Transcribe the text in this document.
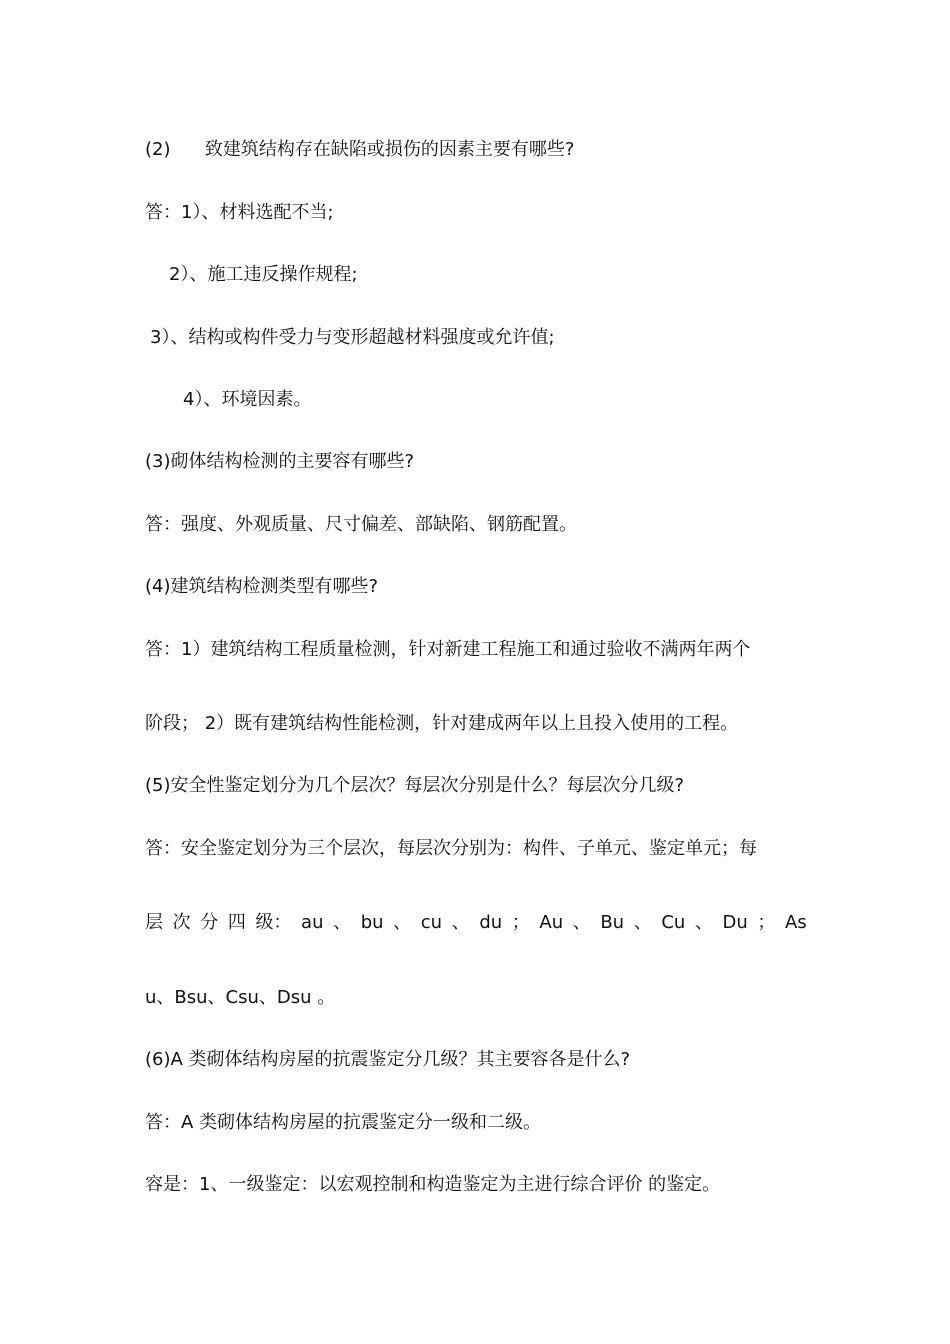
(2)      致建筑结构存在缺陷或损伤的因素主要有哪些?

答：1）、材料选配不当;

2）、施工违反操作规程;

3）、结构或构件受力与变形超越材料强度或允许值;

4）、环境因素。

(3)砌体结构检测的主要容有哪些?

答：强度、外观质量、尺寸偏差、部缺陷、钢筋配置。

(4)建筑结构检测类型有哪些?

答：1）建筑结构工程质量检测，针对新建工程施工和通过验收不满两年两个

阶段； 2）既有建筑结构性能检测，针对建成两年以上且投入使用的工程。

(5)安全性鉴定划分为几个层次？每层次分别是什么？每层次分几级?

答：安全鉴定划分为三个层次，每层次分别为：构件、子单元、鉴定单元；每

层 次 分 四 级： au 、 bu 、 cu 、 du ； Au 、 Bu 、 Cu 、 Du ； As

u、Bsu、Csu、Dsu 。

(6)A 类砌体结构房屋的抗震鉴定分几级？其主要容各是什么?

答：A 类砌体结构房屋的抗震鉴定分一级和二级。

容是：1、一级鉴定：以宏观控制和构造鉴定为主进行综合评价 的鉴定。
